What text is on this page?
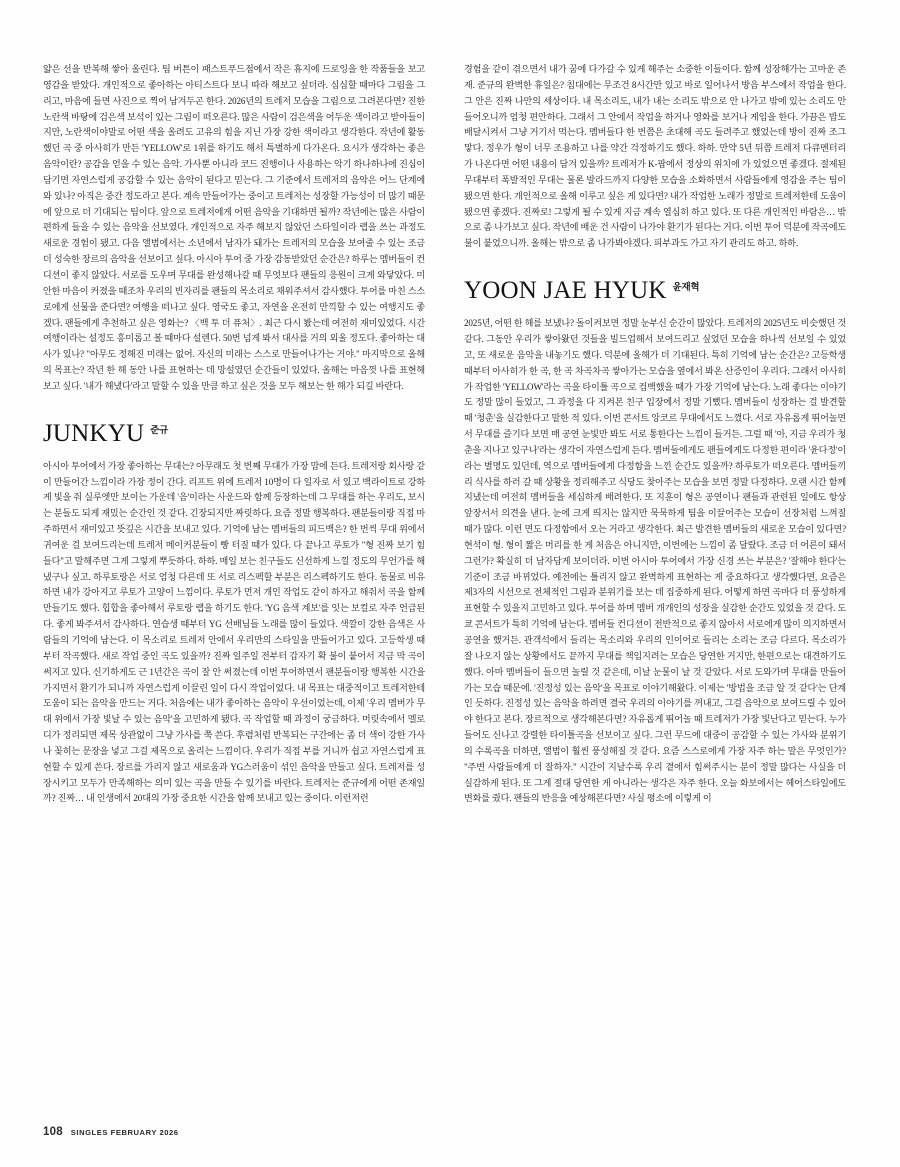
얇은 선을 반복해 쌓아 올린다. 팀 버튼이 패스트푸드점에서 작은 휴지에 드로잉을 한 작품들을 보고 영감을 받았다. 개인적으로 좋아하는 아티스트다 보니 따라 해보고 싶더라. 심심할 때마다 그림을 그리고, 마음에 들면 사진으로 찍어 남겨두곤 한다. 2026년의 트레저 모습을 그림으로 그려본다면? 진한 노란색 바탕에 검은색 보석이 있는 그림이 떠오른다. 많은 사람이 검은색을 어두운 색이라고 받아들이지만, 노란색이야말로 어떤 색을 올려도 고유의 힘을 지닌 가장 강한 색이라고 생각한다. 작년에 활동했던 곡 중 아사히가 만든 'YELLOW'로 1위를 하기도 해서 특별하게 다가온다. 요시가 생각하는 좋은 음악이란? 공감을 얻을 수 있는 음악. 가사뿐 아니라 코드 진행이나 사용하는 악기 하나하나에 진심이 담기면 자연스럽게 공감할 수 있는 음악이 된다고 믿는다. 그 기준에서 트레저의 음악은 어느 단계에 와 있나? 아직은 중간 정도라고 본다. 계속 만들어가는 중이고 트레저는 성장할 가능성이 더 많기 때문에 앞으로 더 기대되는 팀이다. 앞으로 트레저에게 어떤 음악을 기대하면 될까? 작년에는 많은 사람이 편하게 들을 수 있는 음악을 선보였다. 개인적으로 자주 해보지 않았던 스타일이라 랩을 쓰는 과정도 새로운 경험이 됐고. 다음 앨범에서는 소년에서 남자가 돼가는 트레저의 모습을 보여줄 수 있는 조금 더 성숙한 장르의 음악을 선보이고 싶다. 아시아 투어 중 가장 감동받았던 순간은? 하루는 멤버들이 컨디션이 좋지 않았다. 서로를 도우며 무대를 완성해나갈 때 무엇보다 팬들의 응원이 크게 와닿았다. 미안한 마음이 커졌을 때조차 우리의 빈자리를 팬들의 목소리로 채워주셔서 감사했다. 투어를 마친 스스로에게 선물을 준다면? 여행을 떠나고 싶다. 영국도 좋고, 자연을 온전히 만끽할 수 있는 여행지도 좋겠다. 팬들에게 추천하고 싶은 영화는? 〈백 투 더 퓨처〉. 최근 다시 봤는데 여전히 재미있었다. 시간 여행이라는 설정도 흥미롭고 볼 때마다 설렌다. 50번 넘게 봐서 대사를 거의 외울 정도다. 좋아하는 대사가 있나? "아무도 정해진 미래는 없어. 자신의 미래는 스스로 만들어나가는 거야." 마지막으로 올해의 목표는? 작년 한 해 동안 나를 표현하는 데 망설였던 순간들이 있었다. 올해는 마음껏 나를 표현해보고 싶다. '내가 해냈다'라고 말할 수 있을 만큼 하고 싶은 것을 모두 해보는 한 해가 되길 바란다.

JUNKYU 준규

아시아 투어에서 가장 좋아하는 무대는? 아무래도 첫 번째 무대가 가장 맘에 든다. 트레저랑 회사랑 같이 만들어간 느낌이라 가장 정이 간다. 리프트 위에 트레저 10명이 다 일자로 서 있고 백라이트로 강하게 빛을 줘 실루엣만 보이는 가운데 '음'이라는 사운드와 함께 등장하는데 그 무대를 하는 우리도, 보시는 분들도 되게 재밌는 순간인 것 같다. 긴장되지만 짜릿하다. 요즘 정말 행복하다. 팬분들이랑 직접 마주하면서 재미있고 뜻깊은 시간을 보내고 있다. 기억에 남는 멤버들의 피드백은? 한 번씩 무대 위에서 귀여운 걸 보여드리는데 트레저 메이커분들이 빵 터질 때가 있다. 다 끝나고 루토가 "형 진짜 보기 힘들다"고 말해주면 그게 그렇게 뿌듯하다. 하하. 매일 보는 친구들도 신선하게 느낄 정도의 무언가를 해냈구나 싶고. 하루토랑은 서로 엄청 다른데 또 서로 리스펙할 부분은 리스펙하기도 한다. 동물로 비유하면 내가 강아지고 루토가 고양이 느낌이다. 루토가 먼저 개인 작업도 같이 하자고 해줘서 곡을 함께 만들기도 했다. 힙합을 좋아해서 루토랑 랩을 하기도 한다. 'YG 음색 계보'를 잇는 보컬로 자주 언급된다. 좋게 봐주셔서 감사하다. 연습생 때부터 YG 선배님들 노래를 많이 들었다. 색깔이 강한 음색은 사람들의 기억에 남는다. 이 목소리로 트레저 안에서 우리만의 스타일을 만들어가고 있다. 고등학생 때부터 작곡했다. 새로 작업 중인 곡도 있을까? 진짜 일주일 전부터 갑자기 확 불이 붙어서 지금 막 곡이 써지고 있다. 신기하게도 근 1년간은 곡이 잘 안 써졌는데 이번 투어하면서 팬분들이랑 행복한 시간을 가지면서 환기가 되니까 자연스럽게 이끌린 일이 다시 작업이었다. 내 목표는 대중적이고 트레저한테 도움이 되는 음악을 만드는 거다. 처음에는 내가 좋아하는 음악이 우선이었는데, 이제 '우리 멤버가 무대 위에서 가장 빛날 수 있는 음악'을 고민하게 됐다. 곡 작업할 때 과정이 궁금하다. 머릿속에서 멜로디가 정리되면 제목 상관없이 그냥 가사를 쭉 쓴다. 후렴처럼 반복되는 구간에는 좀 더 색이 강한 가사나 꽂히는 문장을 넣고 그걸 제목으로 올리는 느낌이다. 우리가 직접 부를 거니까 쉽고 자연스럽게 표현할 수 있게 쓴다. 장르를 가리지 않고 새로움과 YG스러움이 섞인 음악을 만들고 싶다. 트레저를 성장시키고 모두가 만족해하는 의미 있는 곡을 만들 수 있기를 바란다. 트레저는 준규에게 어떤 존재일까? 진짜… 내 인생에서 20대의 가장 중요한 시간을 함께 보내고 있는 중이다. 이런저런

경험을 같이 겪으면서 내가 꿈에 다가갈 수 있게 해주는 소중한 이들이다. 함께 성장해가는 고마운 존재. 준규의 완벽한 휴일은? 침대에는 무조건 8시간만 있고 바로 일어나서 방음 부스에서 작업을 한다. 그 안은 진짜 나만의 세상이다. 내 목소리도, 내가 내는 소리도 밖으로 안 나가고 밖에 있는 소리도 안 들어오니까 엄청 편안하다. 그래서 그 안에서 작업을 하거나 영화를 보거나 게임을 한다. 가끔은 밥도 배달시켜서 그냥 거기서 먹는다. 멤버들다 한 번쯤은 초대해 곡도 들려주고 했었는데 방이 진짜 조그맣다. 정우가 형이 너무 조용하고 나를 약간 걱정하기도 했다. 하하. 만약 5년 뒤쯤 트레저 다큐멘터리가 나온다면 어떤 내용이 담겨 있을까? 트레저가 K-팝에서 정상의 위치에 가 있었으면 좋겠다. 절제된 무대부터 폭발적인 무대는 물론 발라드까지 다양한 모습을 소화하면서 사람들에게 영감을 주는 팀이 됐으면 한다. 개인적으로 올해 이루고 싶은 게 있다면? 내가 작업한 노래가 정말로 트레저한테 도움이 됐으면 좋겠다. 진짜로! 그렇게 될 수 있게 지금 계속 열심히 하고 있다. 또 다른 개인적인 바람은… 밖으로 좀 나가보고 싶다. 작년에 배운 건 사람이 나가야 환기가 된다는 거다. 이번 투어 덕분에 작곡에도 불이 붙었으니까. 올해는 밖으로 좀 나가봐야겠다. 피부과도 가고 자기 관리도 하고. 하하.

YOON JAE HYUK 윤재혁

2025년, 어떤 한 해를 보냈나? 돌이켜보면 정말 눈부신 순간이 많았다. 트레저의 2025년도 비슷했던 것 같다. 그동안 우리가 쌓아왔던 것들을 빌드업해서 보여드리고 싶었던 모습을 하나씩 선보일 수 있었고, 또 새로운 음악을 내놓기도 했다. 덕분에 올해가 더 기대된다. 특히 기억에 남는 순간은? 고등학생 때부터 아사히가 한 곡, 한 곡 차곡차곡 쌓아가는 모습을 옆에서 봐온 산증인이 우리다. 그래서 아사히가 작업한 'YELLOW'라는 곡을 타이틀 곡으로 컴백했을 때가 가장 기억에 남는다. 노래 좋다는 이야기도 정말 많이 들었고, 그 과정을 다 지켜본 친구 입장에서 정말 기뻤다. 멤버들이 성장하는 걸 발견할 때 '청춘'을 실감한다고 말한 적 있다. 이번 콘서트 앙코르 무대에서도 느꼈다. 서로 자유롭게 뛰어놀면서 무대를 즐기다 보면 매 공연 눈빛만 봐도 서로 통한다는 느낌이 들거든. 그럴 때 '아, 지금 우리가 청춘을 지나고 있구나'라는 생각이 자연스럽게 든다. 멤버들에게도 팬들에게도 다정한 편이라 '윤다정'이라는 별명도 있던데, 역으로 멤버들에게 다정함을 느낀 순간도 있을까? 하루토가 떠오른다. 멤버들끼리 식사를 하러 갈 때 상황을 정리해주고 식당도 찾아주는 모습을 보면 정말 다정하다. 오랜 시간 함께 지냈는데 여전히 멤버들을 세심하게 배려한다. 또 지훈이 형은 공연이나 팬들과 관련된 일에도 항상 앞장서서 의견을 낸다. 눈에 크게 띄지는 않지만 묵묵하게 팀을 이끌어주는 모습이 선장처럼 느껴질 때가 많다. 이런 면도 다정함에서 오는 거라고 생각한다. 최근 발견한 멤버들의 새로운 모습이 있다면? 현석이 형. 형이 짧은 머리를 한 게 처음은 아니지만, 이번에는 느낌이 좀 달랐다. 조금 더 어른이 돼서 그런가? 확실히 더 남자답게 보이더라. 이번 아시아 투어에서 가장 신경 쓰는 부분은? '잘해야 한다'는 기준이 조금 바뀌었다. 예전에는 틀리지 않고 완벽하게 표현하는 게 중요하다고 생각했다면, 요즘은 제3자의 시선으로 전체적인 그림과 분위기를 보는 데 집중하게 된다. 어떻게 하면 곡마다 더 풍성하게 표현할 수 있을지 고민하고 있다. 투어를 하며 멤버 개개인의 성장을 실감한 순간도 있었을 것 같다. 도쿄 콘서트가 특히 기억에 남는다. 멤버들 컨디션이 전반적으로 좋지 않아서 서로에게 많이 의지하면서 공연을 했거든. 관객석에서 들리는 목소리와 우리의 인이어로 들리는 소리는 조금 다르다. 목소리가 잘 나오지 않는 상황에서도 끝까지 무대를 책임지려는 모습은 당연한 거지만, 한편으로는 대견하기도 했다. 아마 멤버들이 들으면 놀릴 것 같은데, 이날 눈물이 날 것 같았다. 서로 도와가며 무대를 만들어가는 모습 때문에. '진정성 있는 음악'을 목표로 이야기해왔다. 이제는 '방법을 조금 알 것 같다'는 단계인 듯하다. 진정성 있는 음악을 하려면 결국 우리의 이야기를 꺼내고, 그걸 음악으로 보여드릴 수 있어야 한다고 본다. 장르적으로 생각해본다면? 자유롭게 뛰어놀 때 트레저가 가장 빛난다고 믿는다. 누가 들어도 신나고 강렬한 타이틀곡을 선보이고 싶다. 그런 무드에 대중이 공감할 수 있는 가사와 분위기의 수록곡을 더하면, 앨범이 훨씬 풍성해질 것 같다. 요즘 스스로에게 가장 자주 하는 말은 무엇인가? "주변 사람들에게 더 잘하자." 시간이 지날수록 우리 곁에서 힘써주시는 분이 정말 많다는 사실을 더 실감하게 된다. 또 그게 절대 당연한 게 아니라는 생각은 자주 한다. 오늘 화보에서는 헤어스타일에도 변화를 줬다. 팬들의 반응을 예상해본다면? 사실 평소에 이렇게 이

108 SINGLES FEBRUARY 2026
